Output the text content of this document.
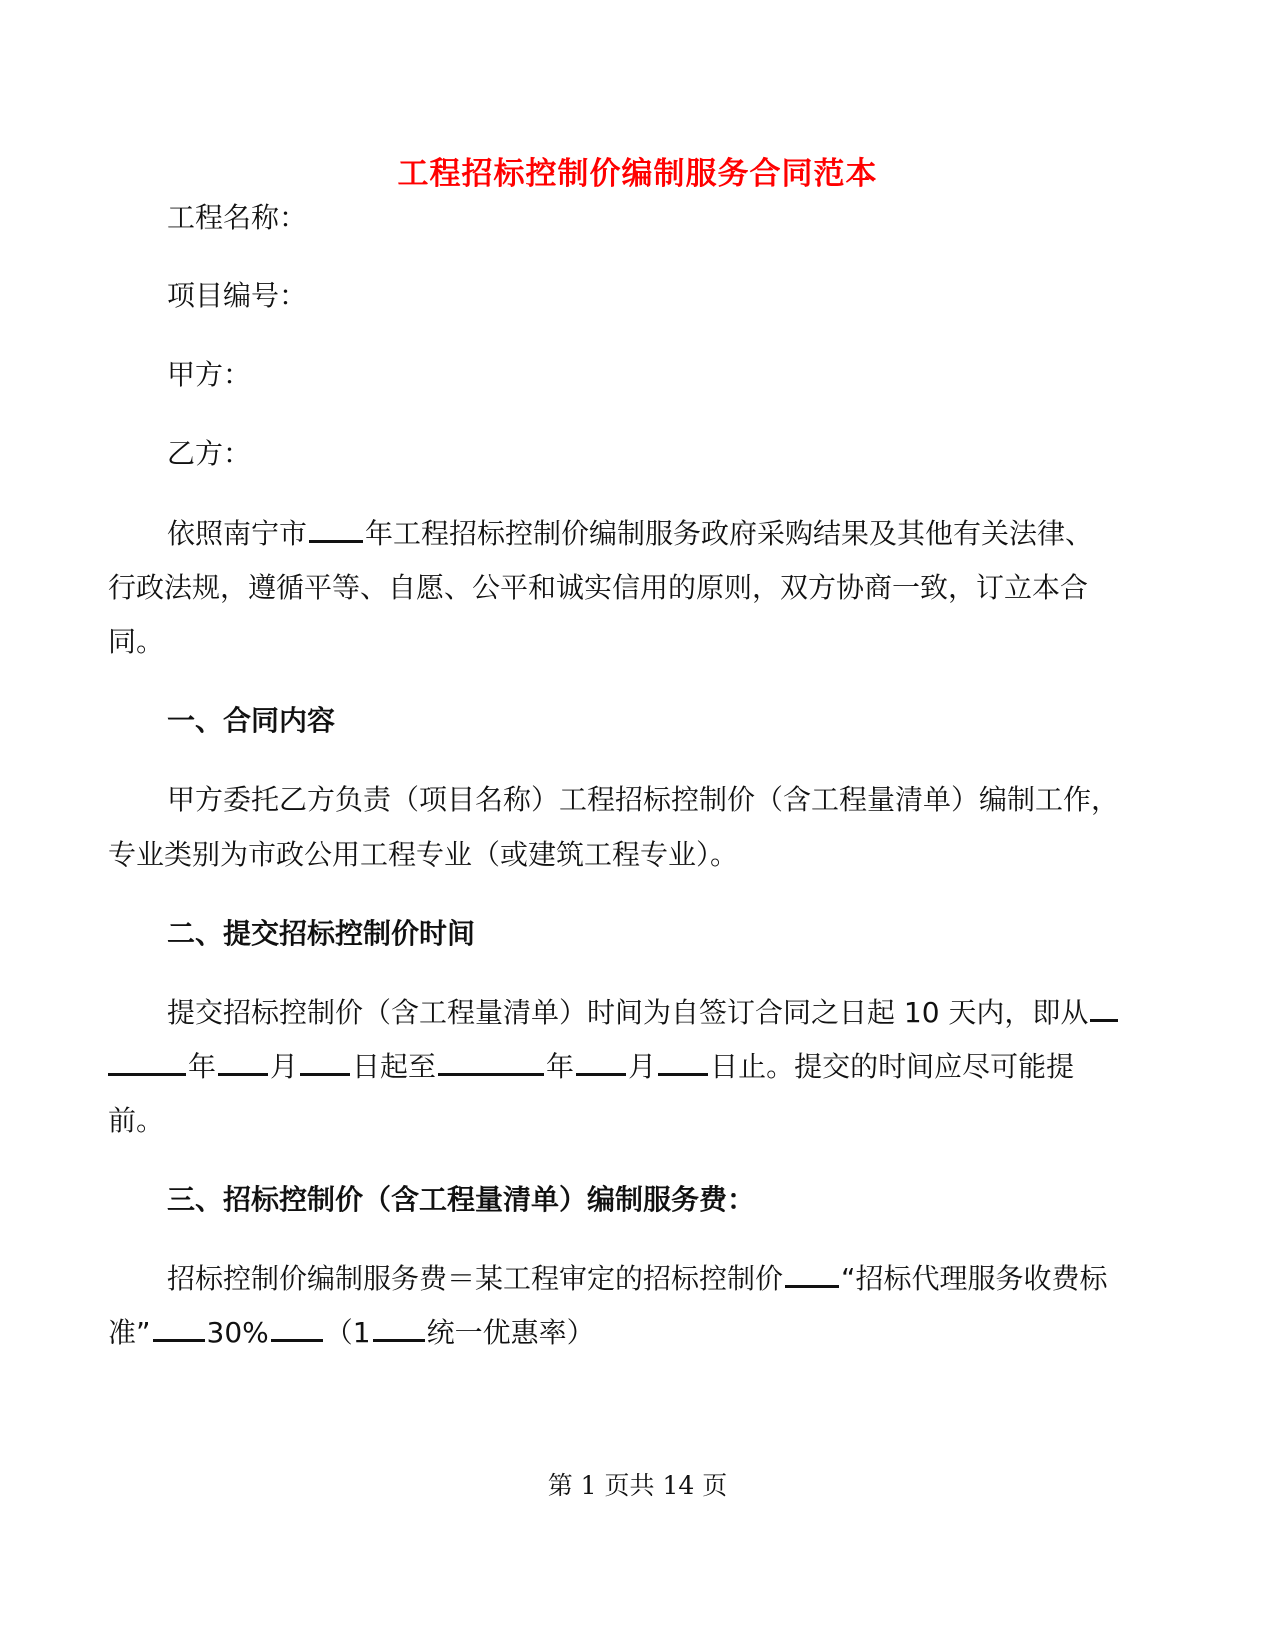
工程招标控制价编制服务合同范本
工程名称：
项目编号：
甲方：
乙方：
依照南宁市 年工程招标控制价编制服务政府采购结果及其他有关法律、
行政法规，遵循平等、自愿、公平和诚实信用的原则，双方协商一致，订立本合
同。
一、合同内容
甲方委托乙方负责（项目名称）工程招标控制价（含工程量清单）编制工作，
专业类别为市政公用工程专业（或建筑工程专业）。
二、提交招标控制价时间
提交招标控制价（含工程量清单）时间为自签订合同之日起 10 天内，即从
年 月 日起至	年 月 日止。提交的时间应尽可能提
前。
三、招标控制价（含工程量清单）编制服务费：
招标控制价编制服务费＝某工程审定的招标控制价 “招标代理服务收费标
准” 30% （1 统一优惠率）
第 1 页共 14 页
